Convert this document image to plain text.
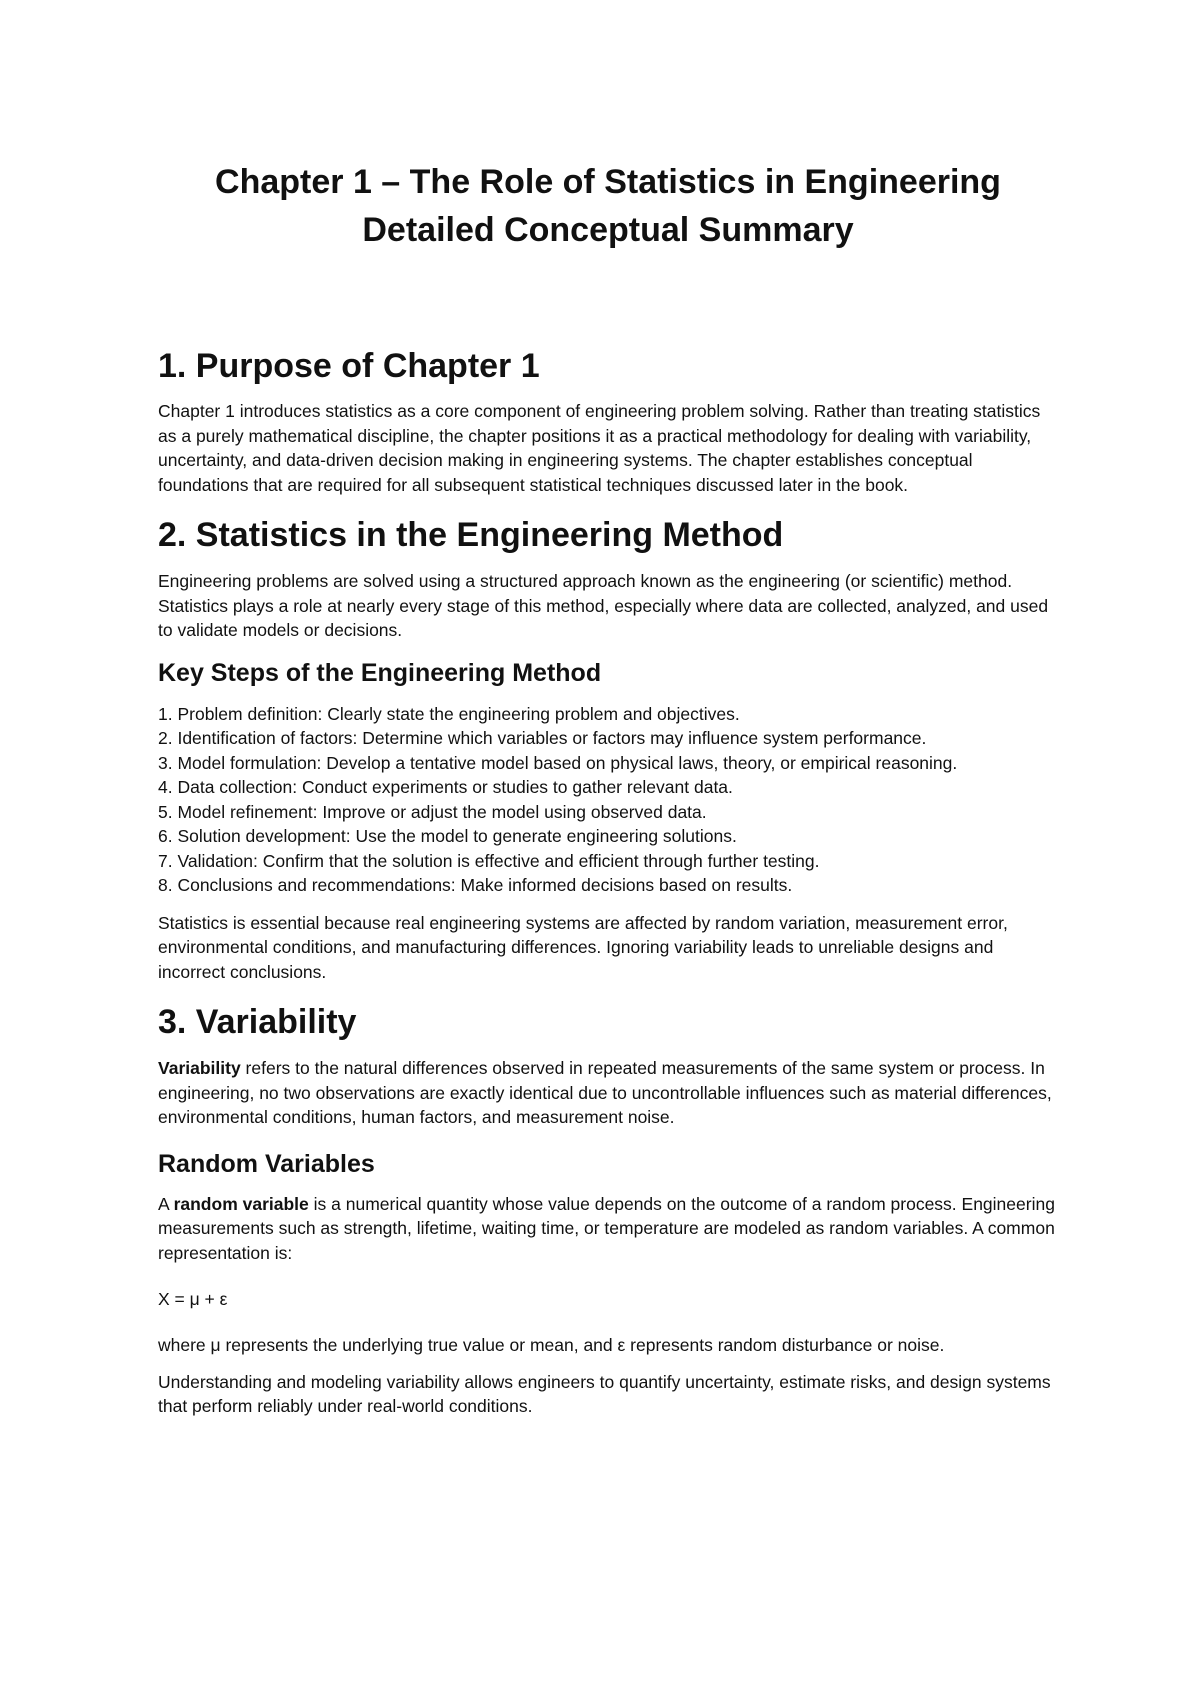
Chapter 1 – The Role of Statistics in Engineering
Detailed Conceptual Summary
1. Purpose of Chapter 1

Chapter 1 introduces statistics as a core component of engineering problem solving. Rather than treating statistics as a purely mathematical discipline, the chapter positions it as a practical methodology for dealing with variability, uncertainty, and data-driven decision making in engineering systems. The chapter establishes conceptual foundations that are required for all subsequent statistical techniques discussed later in the book.

2. Statistics in the Engineering Method

Engineering problems are solved using a structured approach known as the engineering (or scientific) method. Statistics plays a role at nearly every stage of this method, especially where data are collected, analyzed, and used to validate models or decisions.

Key Steps of the Engineering Method
1. Problem definition: Clearly state the engineering problem and objectives.
2. Identification of factors: Determine which variables or factors may influence system performance.
3. Model formulation: Develop a tentative model based on physical laws, theory, or empirical reasoning.
4. Data collection: Conduct experiments or studies to gather relevant data.
5. Model refinement: Improve or adjust the model using observed data.
6. Solution development: Use the model to generate engineering solutions.
7. Validation: Confirm that the solution is effective and efficient through further testing.
8. Conclusions and recommendations: Make informed decisions based on results.

Statistics is essential because real engineering systems are affected by random variation, measurement error, environmental conditions, and manufacturing differences. Ignoring variability leads to unreliable designs and incorrect conclusions.

3. Variability

Variability refers to the natural differences observed in repeated measurements of the same system or process. In engineering, no two observations are exactly identical due to uncontrollable influences such as material differences, environmental conditions, human factors, and measurement noise.

Random Variables

A random variable is a numerical quantity whose value depends on the outcome of a random process. Engineering measurements such as strength, lifetime, waiting time, or temperature are modeled as random variables. A common representation is:

X = μ + ε

where μ represents the underlying true value or mean, and ε represents random disturbance or noise.

Understanding and modeling variability allows engineers to quantify uncertainty, estimate risks, and design systems that perform reliably under real-world conditions.
